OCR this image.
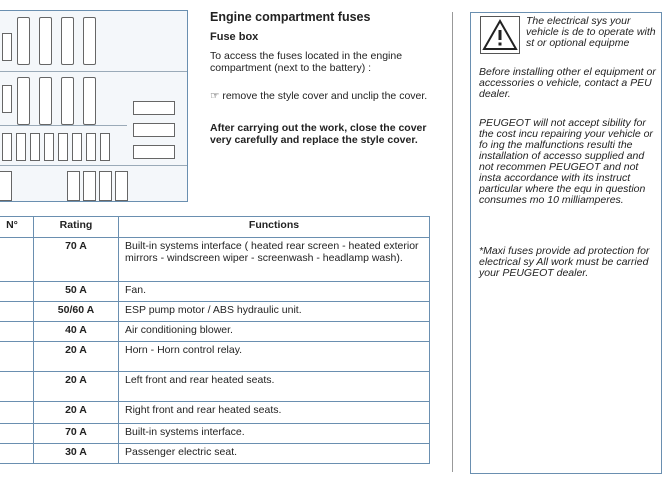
Engine compartment fuses
Fuse box
To access the fuses located in the engine compartment (next to the battery) :
☞ remove the style cover and unclip the cover.
After carrying out the work, close the cover very carefully and replace the style cover.
N°	Rating	Functions
	70 A	Built-in systems interface ( heated rear screen - heated exterior mirrors - windscreen wiper - screenwash - headlamp wash).
	50 A	Fan.
	50/60 A	ESP pump motor / ABS hydraulic unit.
	40 A	Air conditioning blower.
	20 A	Horn - Horn control relay.
	20 A	Left front and rear heated seats.
	20 A	Right front and rear heated seats.
	70 A	Built-in systems interface.
	30 A	Passenger electric seat.
The electrical sys your vehicle is de to operate with st or optional equipme
Before installing other el equipment or accessories o vehicle, contact a PEU dealer.
PEUGEOT will not accept sibility for the cost incu repairing your vehicle or fo ing the malfunctions resulti the installation of accesso supplied and not recommen PEUGEOT and not insta accordance with its instruct particular where the equ in question consumes mo 10 milliamperes.
*Maxi fuses provide ad protection for electrical sy All work must be carried your PEUGEOT dealer.
